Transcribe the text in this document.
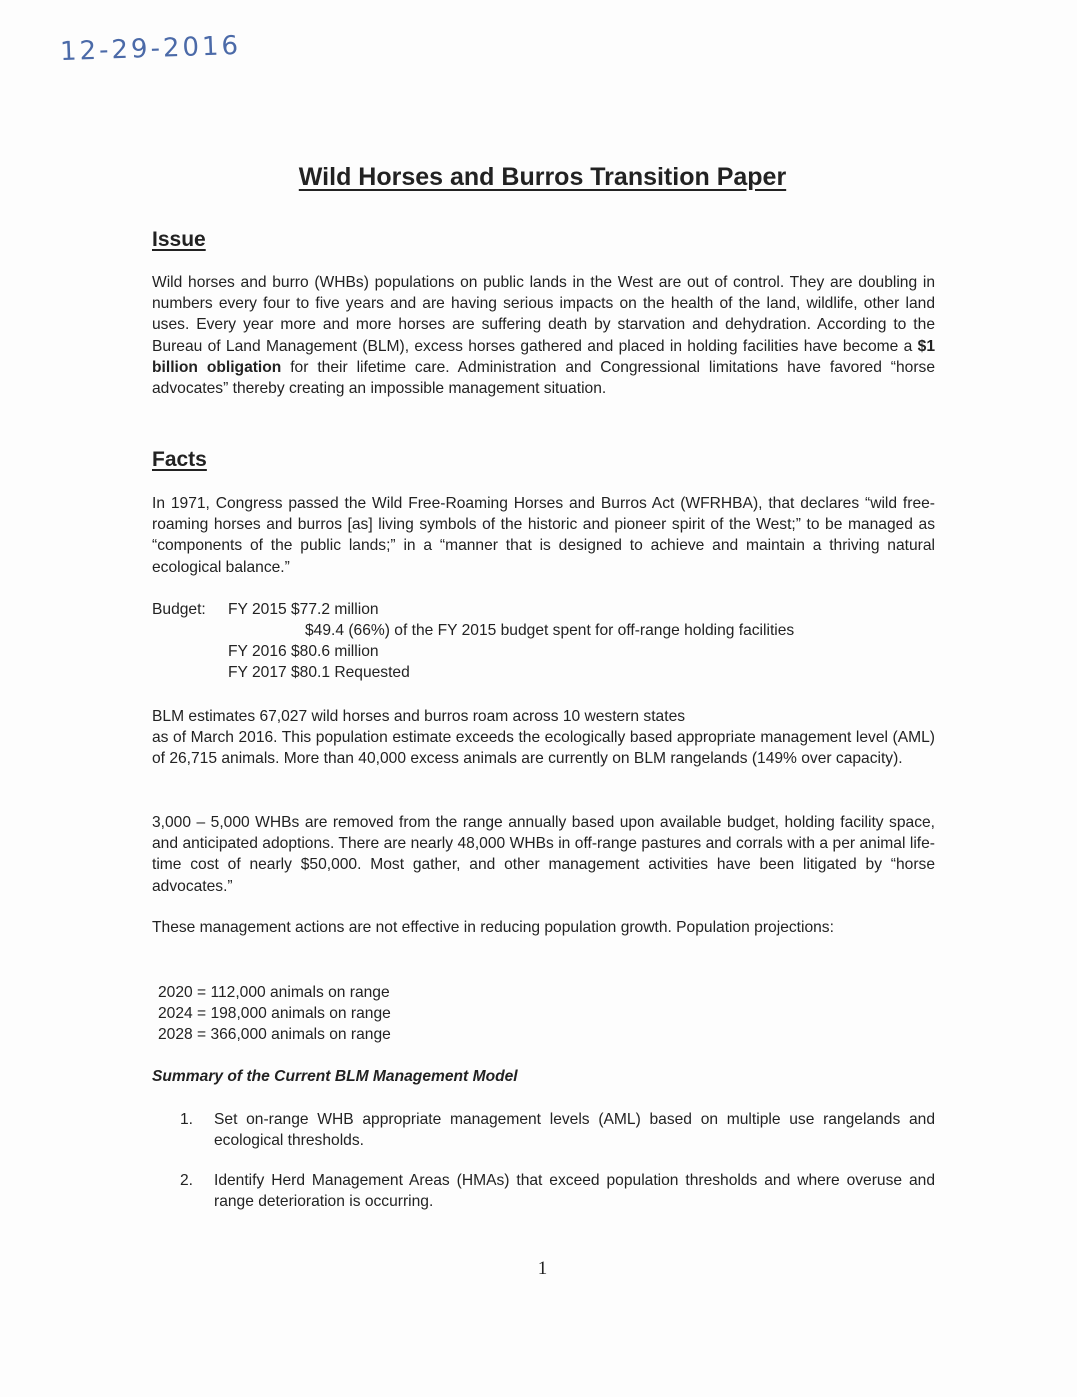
12-29-2016
Wild Horses and Burros Transition Paper
Issue

Wild horses and burro (WHBs) populations on public lands in the West are out of control. They are doubling in numbers every four to five years and are having serious impacts on the health of the land, wildlife, other land uses. Every year more and more horses are suffering death by starvation and dehydration. According to the Bureau of Land Management (BLM), excess horses gathered and placed in holding facilities have become a $1 billion obligation for their lifetime care. Administration and Congressional limitations have favored “horse advocates” thereby creating an impossible management situation.

Facts

In 1971, Congress passed the Wild Free-Roaming Horses and Burros Act (WFRHBA), that declares “wild free-roaming horses and burros [as] living symbols of the historic and pioneer spirit of the West;” to be managed as “components of the public lands;” in a “manner that is designed to achieve and maintain a thriving natural ecological balance.”

Budget: FY 2015 $77.2 million
$49.4 (66%) of the FY 2015 budget spent for off-range holding facilities
FY 2016 $80.6 million
FY 2017 $80.1 Requested
BLM estimates 67,027 wild horses and burros roam across 10 western states

as of March 2016. This population estimate exceeds the ecologically based appropriate management level (AML) of 26,715 animals. More than 40,000 excess animals are currently on BLM rangelands (149% over capacity).

3,000 – 5,000 WHBs are removed from the range annually based upon available budget, holding facility space, and anticipated adoptions. There are nearly 48,000 WHBs in off-range pastures and corrals with a per animal life-time cost of nearly $50,000. Most gather, and other management activities have been litigated by “horse advocates.”

These management actions are not effective in reducing population growth. Population projections:

2020 = 112,000 animals on range
2024 = 198,000 animals on range
2028 = 366,000 animals on range
Summary of the Current BLM Management Model
1. Set on-range WHB appropriate management levels (AML) based on multiple use rangelands and ecological thresholds.
2. Identify Herd Management Areas (HMAs) that exceed population thresholds and where overuse and range deterioration is occurring.
1
